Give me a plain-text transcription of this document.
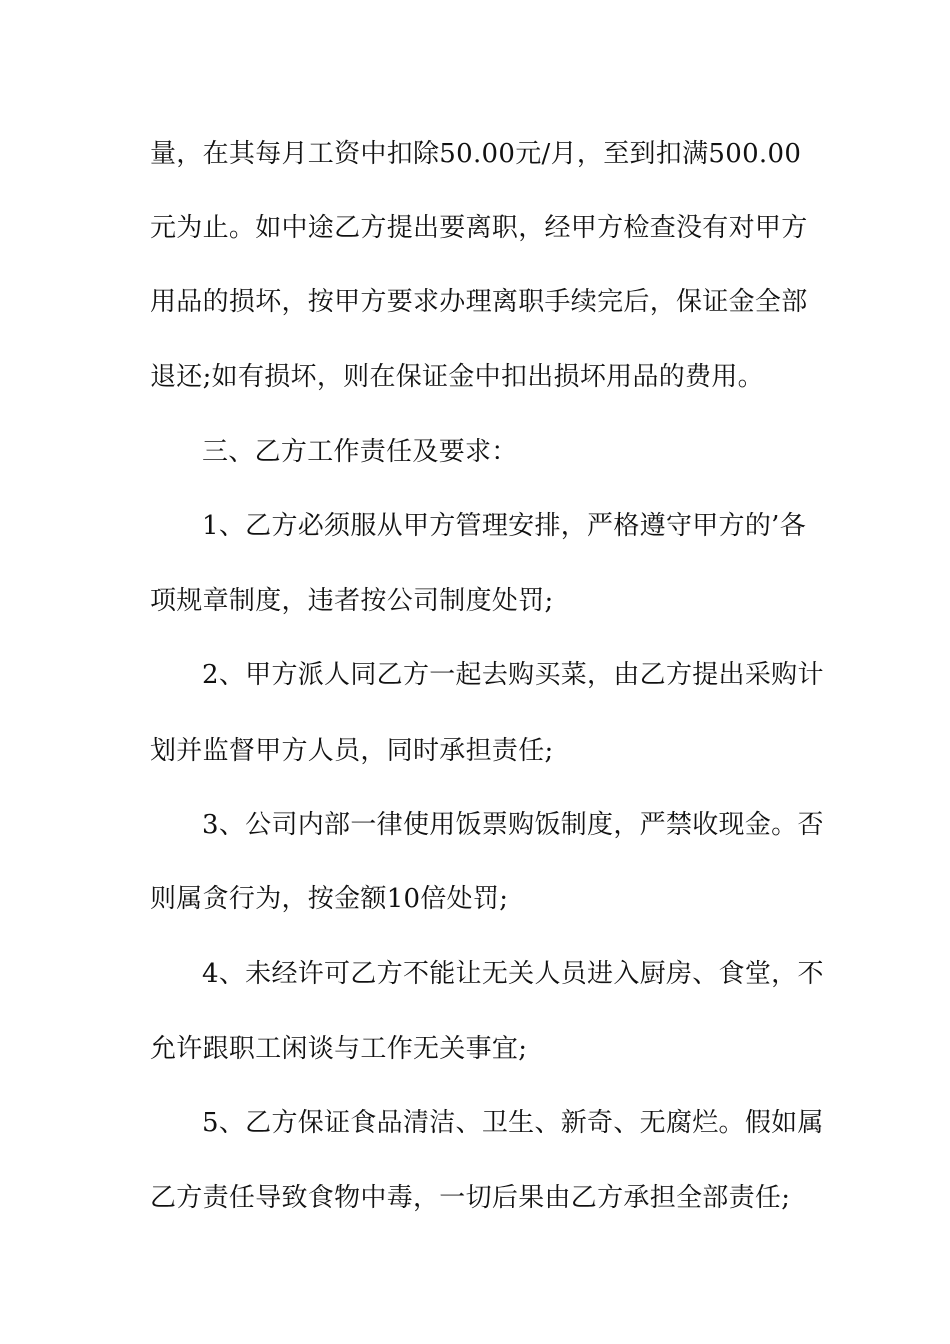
量，在其每月工资中扣除50.00元/月，至到扣满500.00
元为止。如中途乙方提出要离职，经甲方检查没有对甲方
用品的损坏，按甲方要求办理离职手续完后，保证金全部
退还;如有损坏，则在保证金中扣出损坏用品的费用。
三、乙方工作责任及要求：
1、乙方必须服从甲方管理安排，严格遵守甲方的’各
项规章制度，违者按公司制度处罚;
2、甲方派人同乙方一起去购买菜，由乙方提出采购计
划并监督甲方人员，同时承担责任;
3、公司内部一律使用饭票购饭制度，严禁收现金。否
则属贪行为，按金额10倍处罚;
4、未经许可乙方不能让无关人员进入厨房、食堂，不
允许跟职工闲谈与工作无关事宜;
5、乙方保证食品清洁、卫生、新奇、无腐烂。假如属
乙方责任导致食物中毒，一切后果由乙方承担全部责任;
